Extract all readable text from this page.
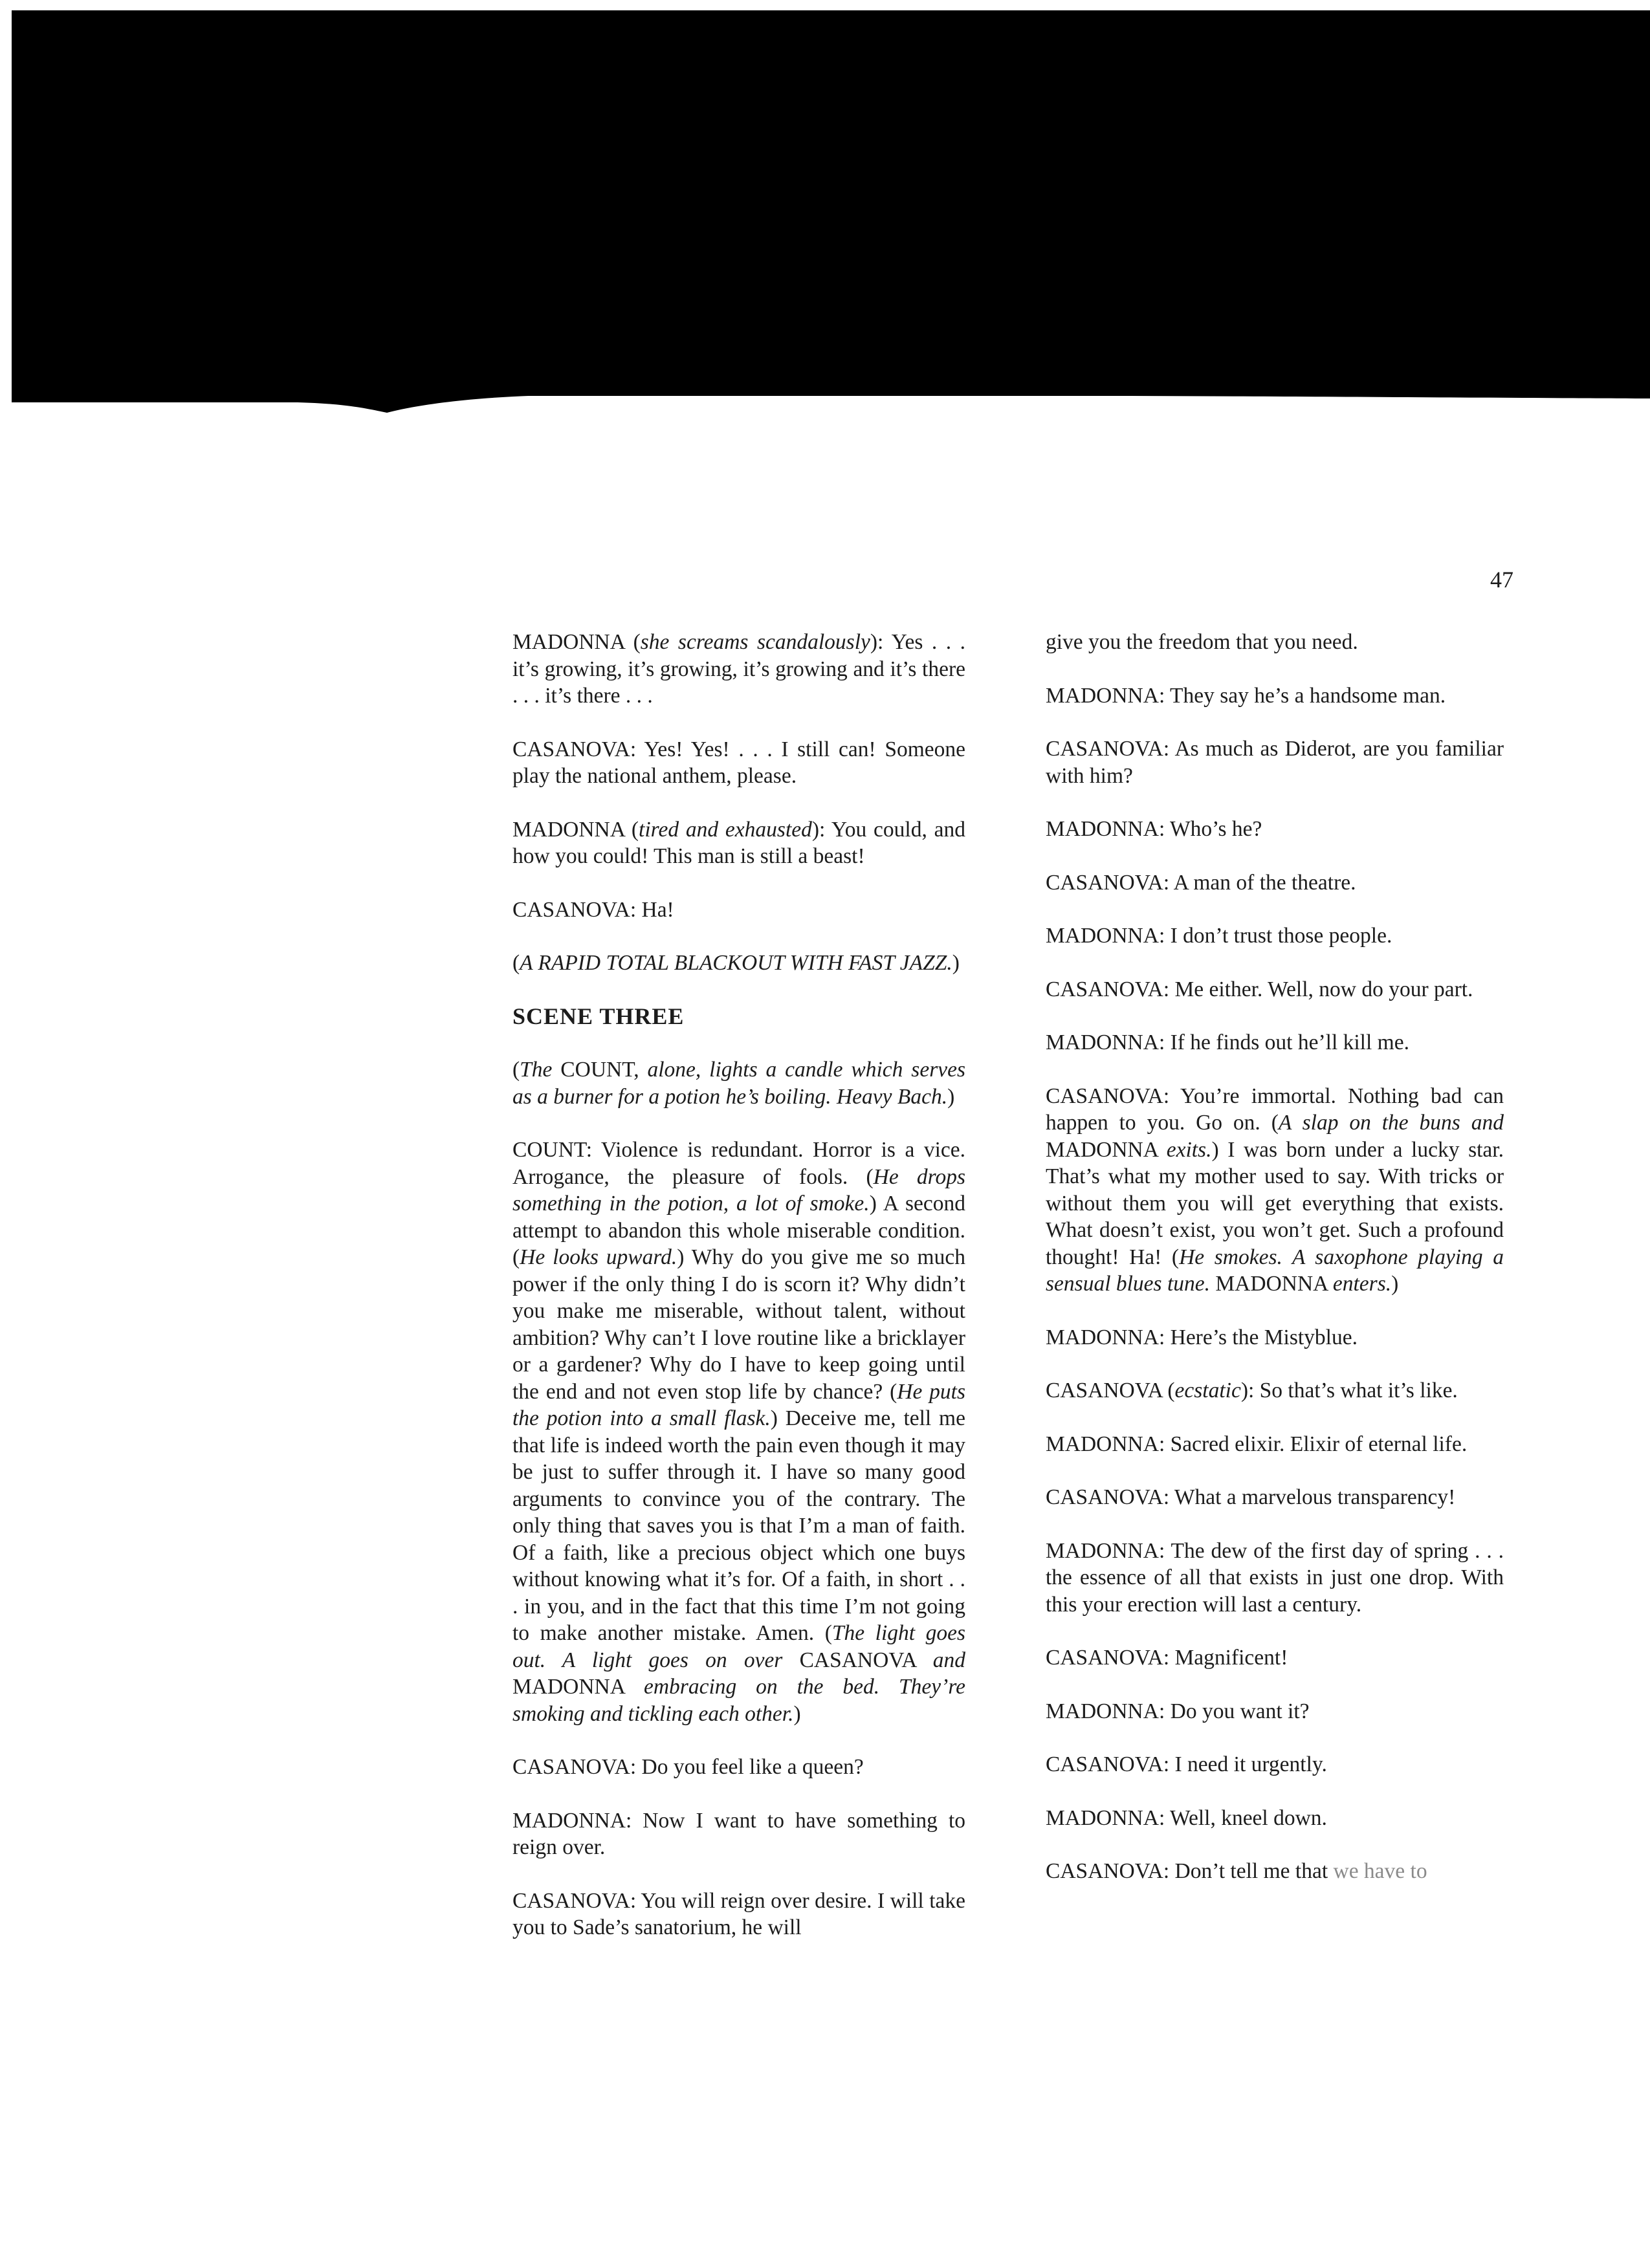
47

MADONNA (she screams scandalously): Yes . . . it’s growing, it’s growing, it’s growing and it’s there . . . it’s there . . .

CASANOVA: Yes! Yes! . . . I still can! Someone play the national anthem, please.

MADONNA (tired and exhausted): You could, and how you could! This man is still a beast!

CASANOVA: Ha!

(A RAPID TOTAL BLACKOUT WITH FAST JAZZ.)

SCENE THREE

(The COUNT, alone, lights a candle which serves as a burner for a potion he’s boiling. Heavy Bach.)

COUNT: Violence is redundant. Horror is a vice. Arrogance, the pleasure of fools. (He drops something in the potion, a lot of smoke.) A second attempt to abandon this whole miserable condition. (He looks upward.) Why do you give me so much power if the only thing I do is scorn it? Why didn’t you make me miserable, without talent, without ambition? Why can’t I love routine like a bricklayer or a gardener? Why do I have to keep going until the end and not even stop life by chance? (He puts the potion into a small flask.) Deceive me, tell me that life is indeed worth the pain even though it may be just to suffer through it. I have so many good arguments to convince you of the contrary. The only thing that saves you is that I’m a man of faith. Of a faith, like a precious object which one buys without knowing what it’s for. Of a faith, in short . . . in you, and in the fact that this time I’m not going to make another mistake. Amen. (The light goes out. A light goes on over CASANOVA and MADONNA embracing on the bed. They’re smoking and tickling each other.)

CASANOVA: Do you feel like a queen?

MADONNA: Now I want to have something to reign over.

CASANOVA: You will reign over desire. I will take you to Sade’s sanatorium, he will

give you the freedom that you need.

MADONNA: They say he’s a handsome man.

CASANOVA: As much as Diderot, are you familiar with him?

MADONNA: Who’s he?

CASANOVA: A man of the theatre.

MADONNA: I don’t trust those people.

CASANOVA: Me either. Well, now do your part.

MADONNA: If he finds out he’ll kill me.

CASANOVA: You’re immortal. Nothing bad can happen to you. Go on. (A slap on the buns and MADONNA exits.) I was born under a lucky star. That’s what my mother used to say. With tricks or without them you will get everything that exists. What doesn’t exist, you won’t get. Such a profound thought! Ha! (He smokes. A saxophone playing a sensual blues tune. MADONNA enters.)

MADONNA: Here’s the Mistyblue.

CASANOVA (ecstatic): So that’s what it’s like.

MADONNA: Sacred elixir. Elixir of eternal life.

CASANOVA: What a marvelous transparency!

MADONNA: The dew of the first day of spring . . . the essence of all that exists in just one drop. With this your erection will last a century.

CASANOVA: Magnificent!

MADONNA: Do you want it?

CASANOVA: I need it urgently.

MADONNA: Well, kneel down.

CASANOVA: Don’t tell me that we have to
